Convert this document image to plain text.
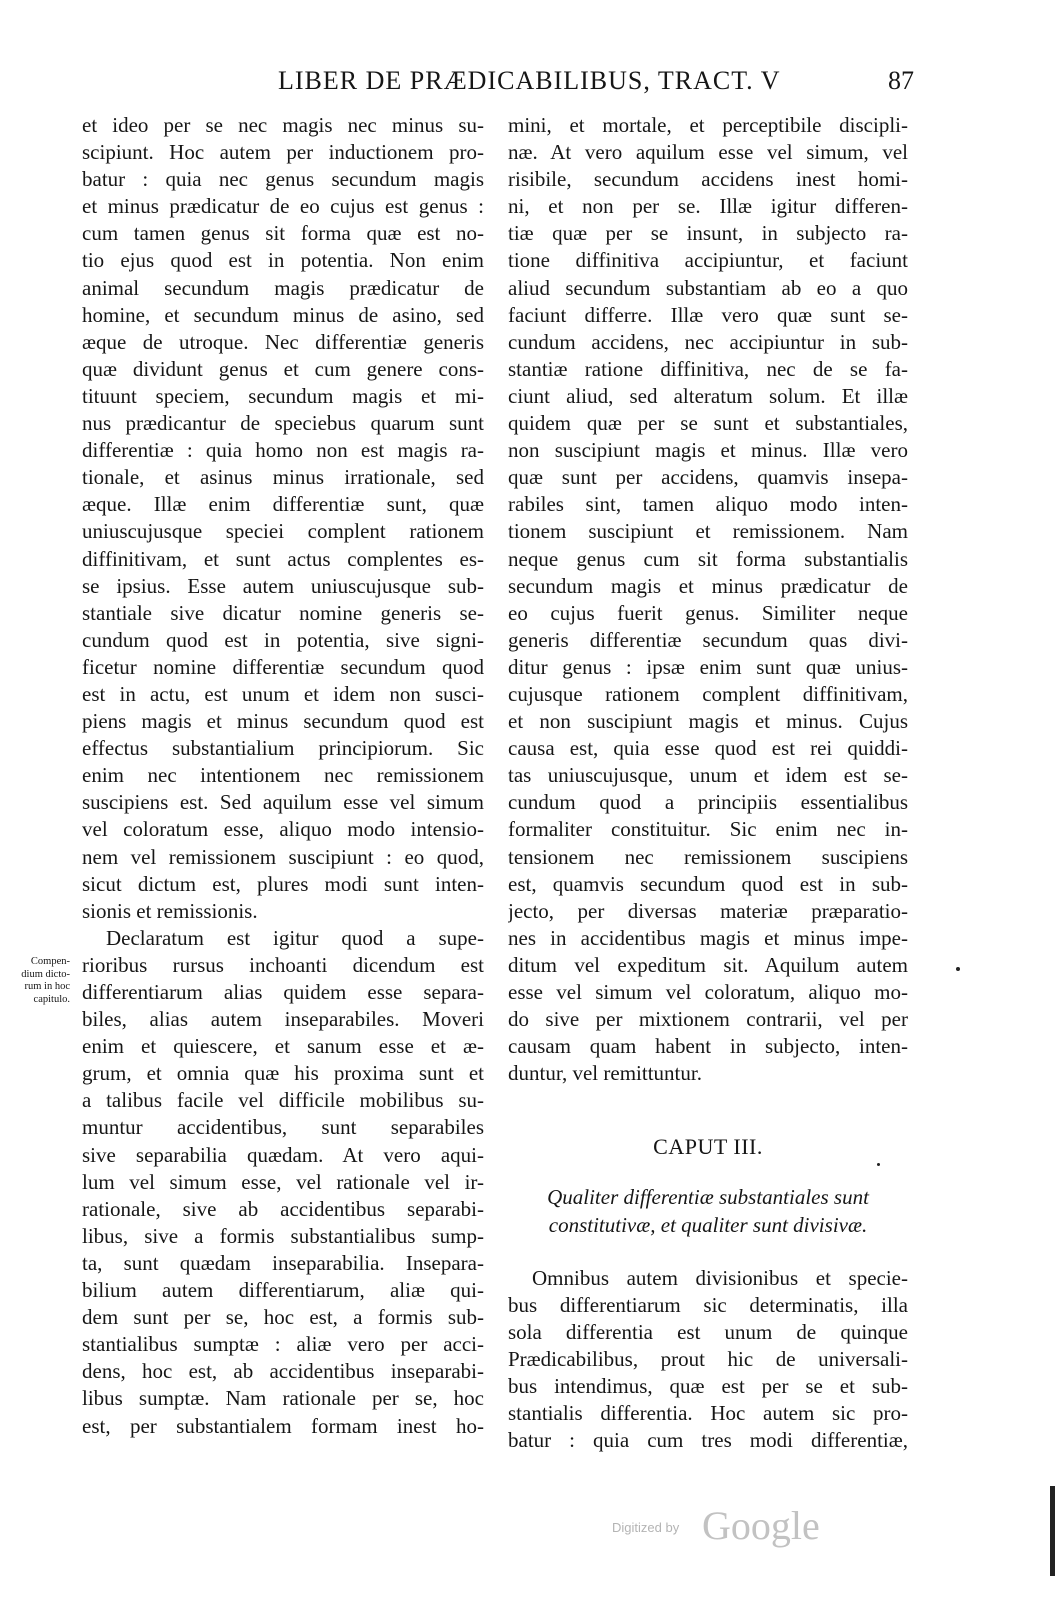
LIBER DE PRÆDICABILIBUS, TRACT. V	87
et ideo per se nec magis nec minus su-
scipiunt. Hoc autem per inductionem pro-
batur : quia nec genus secundum magis
et minus prædicatur de eo cujus est genus :
cum tamen genus sit forma quæ est no-
tio ejus quod est in potentia. Non enim
animal secundum magis prædicatur de
homine, et secundum minus de asino, sed
æque de utroque. Nec differentiæ generis
quæ dividunt genus et cum genere cons-
tituunt speciem, secundum magis et mi-
nus prædicantur de speciebus quarum sunt
differentiæ : quia homo non est magis ra-
tionale, et asinus minus irrationale, sed
æque. Illæ enim differentiæ sunt, quæ
uniuscujusque speciei complent rationem
diffinitivam, et sunt actus complentes es-
se ipsius. Esse autem uniuscujusque sub-
stantiale sive dicatur nomine generis se-
cundum quod est in potentia, sive signi-
ficetur nomine differentiæ secundum quod
est in actu, est unum et idem non susci-
piens magis et minus secundum quod est
effectus substantialium principiorum. Sic
enim nec intentionem nec remissionem
suscipiens est. Sed aquilum esse vel simum
vel coloratum esse, aliquo modo intensio-
nem vel remissionem suscipiunt : eo quod,
sicut dictum est, plures modi sunt inten-
sionis et remissionis.
Declaratum est igitur quod a supe-
rioribus rursus inchoanti dicendum est
differentiarum alias quidem esse separa-
biles, alias autem inseparabiles. Moveri
enim et quiescere, et sanum esse et æ-
grum, et omnia quæ his proxima sunt et
a talibus facile vel difficile mobilibus su-
muntur accidentibus, sunt separabiles
sive separabilia quædam. At vero aqui-
lum vel simum esse, vel rationale vel ir-
rationale, sive ab accidentibus separabi-
libus, sive a formis substantialibus sump-
ta, sunt quædam inseparabilia. Insepara-
bilium autem differentiarum, aliæ qui-
dem sunt per se, hoc est, a formis sub-
stantialibus sumptæ : aliæ vero per acci-
dens, hoc est, ab accidentibus inseparabi-
libus sumptæ. Nam rationale per se, hoc
est, per substantialem formam inest ho-
Compen-
dium dicto-
rum in hoc
capitulo.
mini, et mortale, et perceptibile discipli-
næ. At vero aquilum esse vel simum, vel
risibile, secundum accidens inest homi-
ni, et non per se. Illæ igitur differen-
tiæ quæ per se insunt, in subjecto ra-
tione diffinitiva accipiuntur, et faciunt
aliud secundum substantiam ab eo a quo
faciunt differre. Illæ vero quæ sunt se-
cundum accidens, nec accipiuntur in sub-
stantiæ ratione diffinitiva, nec de se fa-
ciunt aliud, sed alteratum solum. Et illæ
quidem quæ per se sunt et substantiales,
non suscipiunt magis et minus. Illæ vero
quæ sunt per accidens, quamvis insepa-
rabiles sint, tamen aliquo modo inten-
tionem suscipiunt et remissionem. Nam
neque genus cum sit forma substantialis
secundum magis et minus prædicatur de
eo cujus fuerit genus. Similiter neque
generis differentiæ secundum quas divi-
ditur genus : ipsæ enim sunt quæ unius-
cujusque rationem complent diffinitivam,
et non suscipiunt magis et minus. Cujus
causa est, quia esse quod est rei quiddi-
tas uniuscujusque, unum et idem est se-
cundum quod a principiis essentialibus
formaliter constituitur. Sic enim nec in-
tensionem nec remissionem suscipiens
est, quamvis secundum quod est in sub-
jecto, per diversas materiæ præparatio-
nes in accidentibus magis et minus impe-
ditum vel expeditum sit. Aquilum autem
esse vel simum vel coloratum, aliquo mo-
do sive per mixtionem contrarii, vel per
causam quam habent in subjecto, inten-
duntur, vel remittuntur.
CAPUT III.
Qualiter differentiæ substantiales sunt
constitutivæ, et qualiter sunt divisivæ.
Omnibus autem divisionibus et specie-
bus differentiarum sic determinatis, illa
sola differentia est unum de quinque
Prædicabilibus, prout hic de universali-
bus intendimus, quæ est per se et sub-
stantialis differentia. Hoc autem sic pro-
batur : quia cum tres modi differentiæ,
Digitized by Google
